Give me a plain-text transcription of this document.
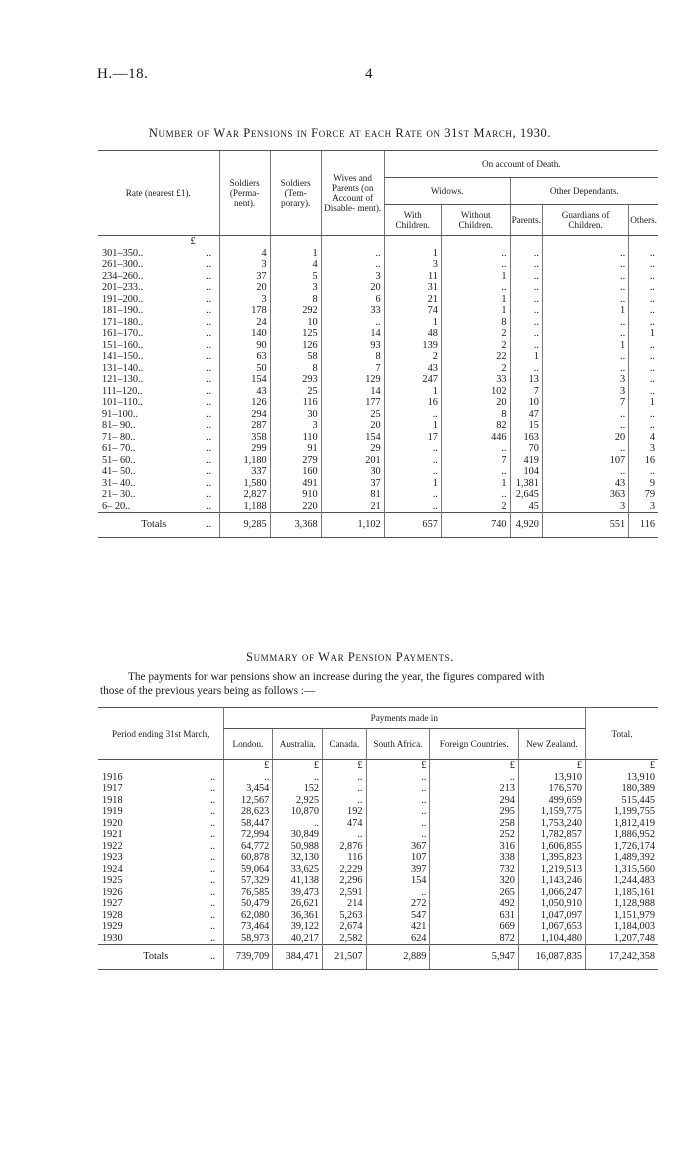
H.—18.	4
Number of War Pensions in Force at each Rate on 31st March, 1930.
Rate (nearest £1).		Soldiers (Perma- nent).	Soldiers (Tem- porary).	Wives and Parents (on Account of Disable- ment).	On account of Death.				
					Widows.		Other Dependants.		
					With Children.	Without Children.	Parents.	Guardians of Children.	Others.
£									
301–350..	..	4	1	..	1	..	..	..	..
261–300..	..	3	4	..	3	..	..	..	..
234–260..	..	37	5	3	11	1	..	..	..
201–233..	..	20	3	20	31	..	..	..	..
191–200..	..	3	8	6	21	1	..	..	..
181–190..	..	178	292	33	74	1	..	1	..
171–180..	..	24	10	..	1	8	..	..	..
161–170..	..	140	125	14	48	2	..	..	1
151–160..	..	90	126	93	139	2	..	1	..
141–150..	..	63	58	8	2	22	1	..	..
131–140..	..	50	8	7	43	2	..	..	..
121–130..	..	154	293	129	247	33	13	3	..
111–120..	..	43	25	14	1	102	7	3	..
101–110..	..	126	116	177	16	20	10	7	1
91–100..	..	294	30	25	..	8	47	..	..
81– 90..	..	287	3	20	1	82	15	..	..
71– 80..	..	358	110	154	17	446	163	20	4
61– 70..	..	299	91	29	..	..	70	..	3
51– 60..	..	1,180	279	201	..	7	419	107	16
41– 50..	..	337	160	30	..	..	104	..	..
31– 40..	..	1,580	491	37	1	1	1,381	43	9
21– 30..	..	2,827	910	81	..	..	2,645	363	79
6– 20..	..	1,188	220	21	..	2	45	3	3
Totals	..	9,285	3,368	1,102	657	740	4,920	551	116
Summary of War Pension Payments.
The payments for war pensions show an increase during the year, the figures compared with
those of the previous years being as follows :—
Period ending 31st March,		Payments made in						Total.
		London.	Australia.	Canada.	South Africa.	Foreign Countries.	New Zealand.	
		£	£	£	£	£	£	£
1916	..	..	..	..	..	..	13,910	13,910
1917	..	3,454	152	..	..	213	176,570	180,389
1918	..	12,567	2,925	..	..	294	499,659	515,445
1919	..	28,623	10,870	192	..	295	1,159,775	1,199,755
1920	..	58,447	..	474	..	258	1,753,240	1,812,419
1921	..	72,994	30,849	..	..	252	1,782,857	1,886,952
1922	..	64,772	50,988	2,876	367	316	1,606,855	1,726,174
1923	..	60,878	32,130	116	107	338	1,395,823	1,489,392
1924	..	59,064	33,625	2,229	397	732	1,219,513	1,315,560
1925	..	57,329	41,138	2,296	154	320	1,143,246	1,244,483
1926	..	76,585	39,473	2,591	..	265	1,066,247	1,185,161
1927	..	50,479	26,621	214	272	492	1,050,910	1,128,988
1928	..	62,080	36,361	5,263	547	631	1,047,097	1,151,979
1929	..	73,464	39,122	2,674	421	669	1,067,653	1,184,003
1930	..	58,973	40,217	2,582	624	872	1,104,480	1,207,748
Totals	..	739,709	384,471	21,507	2,889	5,947	16,087,835	17,242,358
